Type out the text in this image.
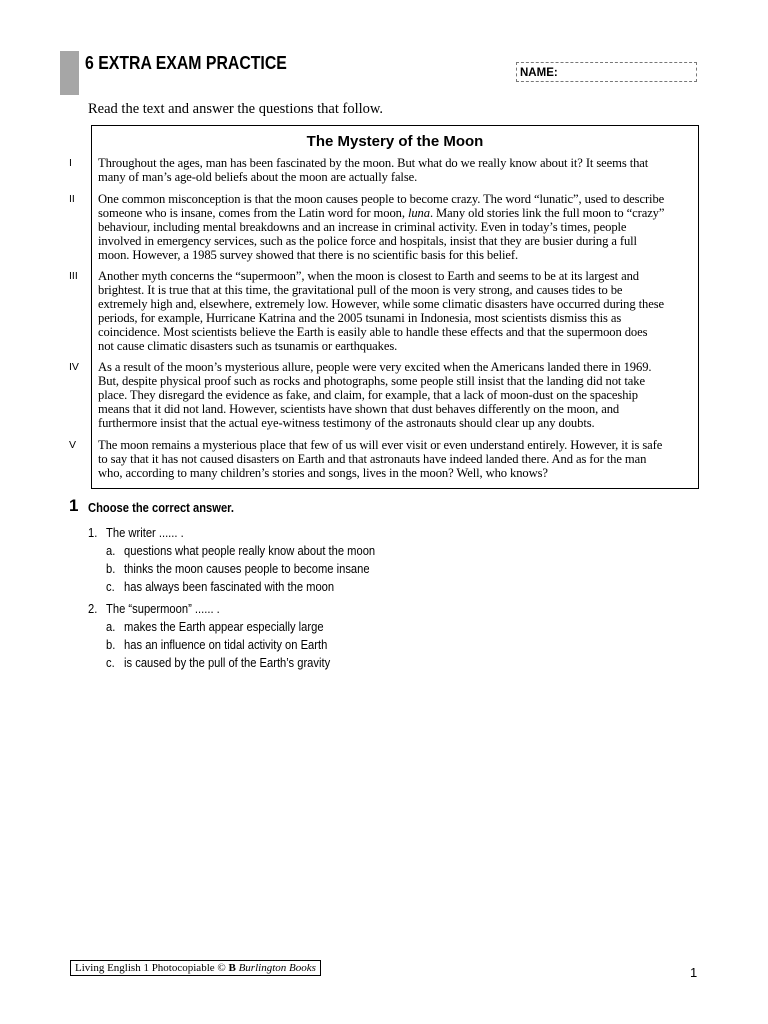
6 EXTRA EXAM PRACTICE	NAME:
Read the text and answer the questions that follow.
The Mystery of the Moon
I Throughout the ages, man has been fascinated by the moon. But what do we really know about it? It seems that
many of man’s age-old beliefs about the moon are actually false.
II One common misconception is that the moon causes people to become crazy. The word “lunatic”, used to describe
someone who is insane, comes from the Latin word for moon, luna. Many old stories link the full moon to “crazy”
behaviour, including mental breakdowns and an increase in criminal activity. Even in today’s times, people
involved in emergency services, such as the police force and hospitals, insist that they are busier during a full
moon. However, a 1985 survey showed that there is no scientific basis for this belief.
III Another myth concerns the “supermoon”, when the moon is closest to Earth and seems to be at its largest and
brightest. It is true that at this time, the gravitational pull of the moon is very strong, and causes tides to be
extremely high and, elsewhere, extremely low. However, while some climatic disasters have occurred during these
periods, for example, Hurricane Katrina and the 2005 tsunami in Indonesia, most scientists dismiss this as
coincidence. Most scientists believe the Earth is easily able to handle these effects and that the supermoon does
not cause climatic disasters such as tsunamis or earthquakes.
IV As a result of the moon’s mysterious allure, people were very excited when the Americans landed there in 1969.
But, despite physical proof such as rocks and photographs, some people still insist that the landing did not take
place. They disregard the evidence as fake, and claim, for example, that a lack of moon-dust on the spaceship
means that it did not land. However, scientists have shown that dust behaves differently on the moon, and
furthermore insist that the actual eye-witness testimony of the astronauts should clear up any doubts.
V The moon remains a mysterious place that few of us will ever visit or even understand entirely. However, it is safe
to say that it has not caused disasters on Earth and that astronauts have indeed landed there. And as for the man
who, according to many children’s stories and songs, lives in the moon? Well, who knows?
1 Choose the correct answer.
1. The writer ...... .
a. questions what people really know about the moon
b. thinks the moon causes people to become insane
c. has always been fascinated with the moon
2. The “supermoon” ...... .
a. makes the Earth appear especially large
b. has an influence on tidal activity on Earth
c. is caused by the pull of the Earth’s gravity
Living English 1 Photocopiable © B Burlington Books	1
